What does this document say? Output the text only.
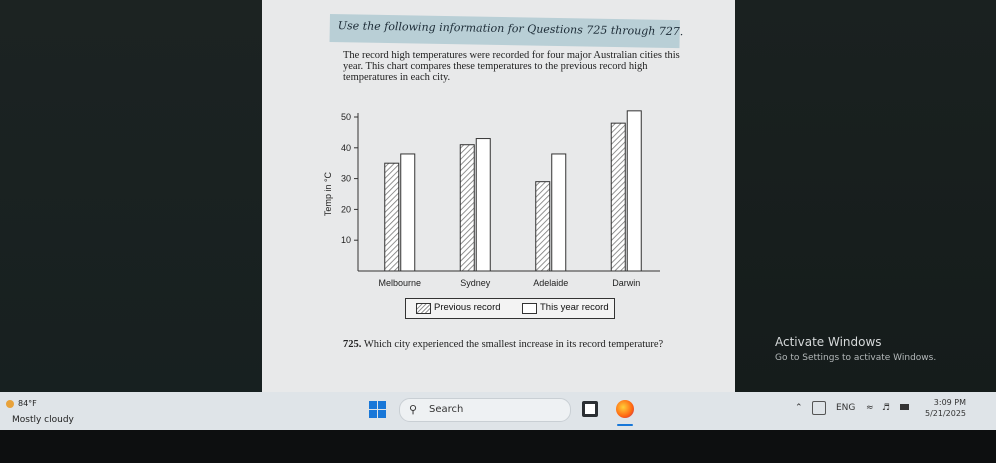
Use the following information for Questions 725 through 727.
The record high temperatures were recorded for four major Australian cities this year. This chart compares these temperatures to the previous record high temperatures in each city.
10
20
30
40
50
Temp in °C
Melbourne	Sydney	Adelaide	Darwin
Previous record	This year record
725. Which city experienced the smallest increase in its record temperature?	Activate Windows
Go to Settings to activate Windows.
84°F
Mostly cloudy
⚲ Search	⌃	ENG ≈ ♬
3:09 PM
5/21/2025
